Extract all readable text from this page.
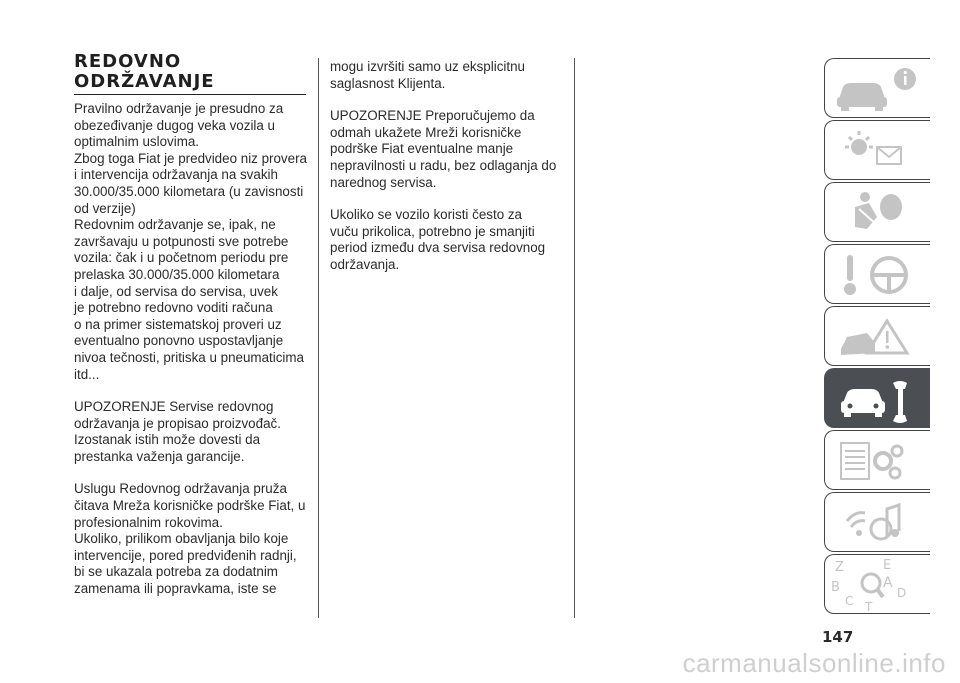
REDOVNO
ODRŽAVANJE

Pravilno održavanje je presudno za
obezeđivanje dugog veka vozila u
optimalnim uslovima.
Zbog toga Fiat je predvideo niz provera
i intervencija održavanja na svakih
30.000/35.000 kilometara (u zavisnosti
od verzije)
Redovnim održavanje se, ipak, ne
završavaju u potpunosti sve potrebe
vozila: čak i u početnom periodu pre
prelaska 30.000/35.000 kilometara
i dalje, od servisa do servisa, uvek
je potrebno redovno voditi računa
o na primer sistematskoj proveri uz
eventualno ponovno uspostavljanje
nivoa tečnosti, pritiska u pneumaticima
itd...

UPOZORENJE Servise redovnog
održavanja je propisao proizvođač.
Izostanak istih može dovesti da
prestanka važenja garancije.

Uslugu Redovnog održavanja pruža
čitava Mreža korisničke podrške Fiat, u
profesionalnim rokovima.
Ukoliko, prilikom obavljanja bilo koje
intervencije, pored predviđenih radnji,
bi se ukazala potreba za dodatnim
zamenama ili popravkama, iste se

mogu izvršiti samo uz eksplicitnu
saglasnost Klijenta.

UPOZORENJE Preporučujemo da
odmah ukažete Mreži korisničke
podrške Fiat eventualne manje
nepravilnosti u radu, bez odlaganja do
narednog servisa.

Ukoliko se vozilo koristi često za
vuču prikolica, potrebno je smanjiti
period između dva servisa redovnog
održavanja.

Z	E
A
B	D
C T
147
carmanualsonline.info
